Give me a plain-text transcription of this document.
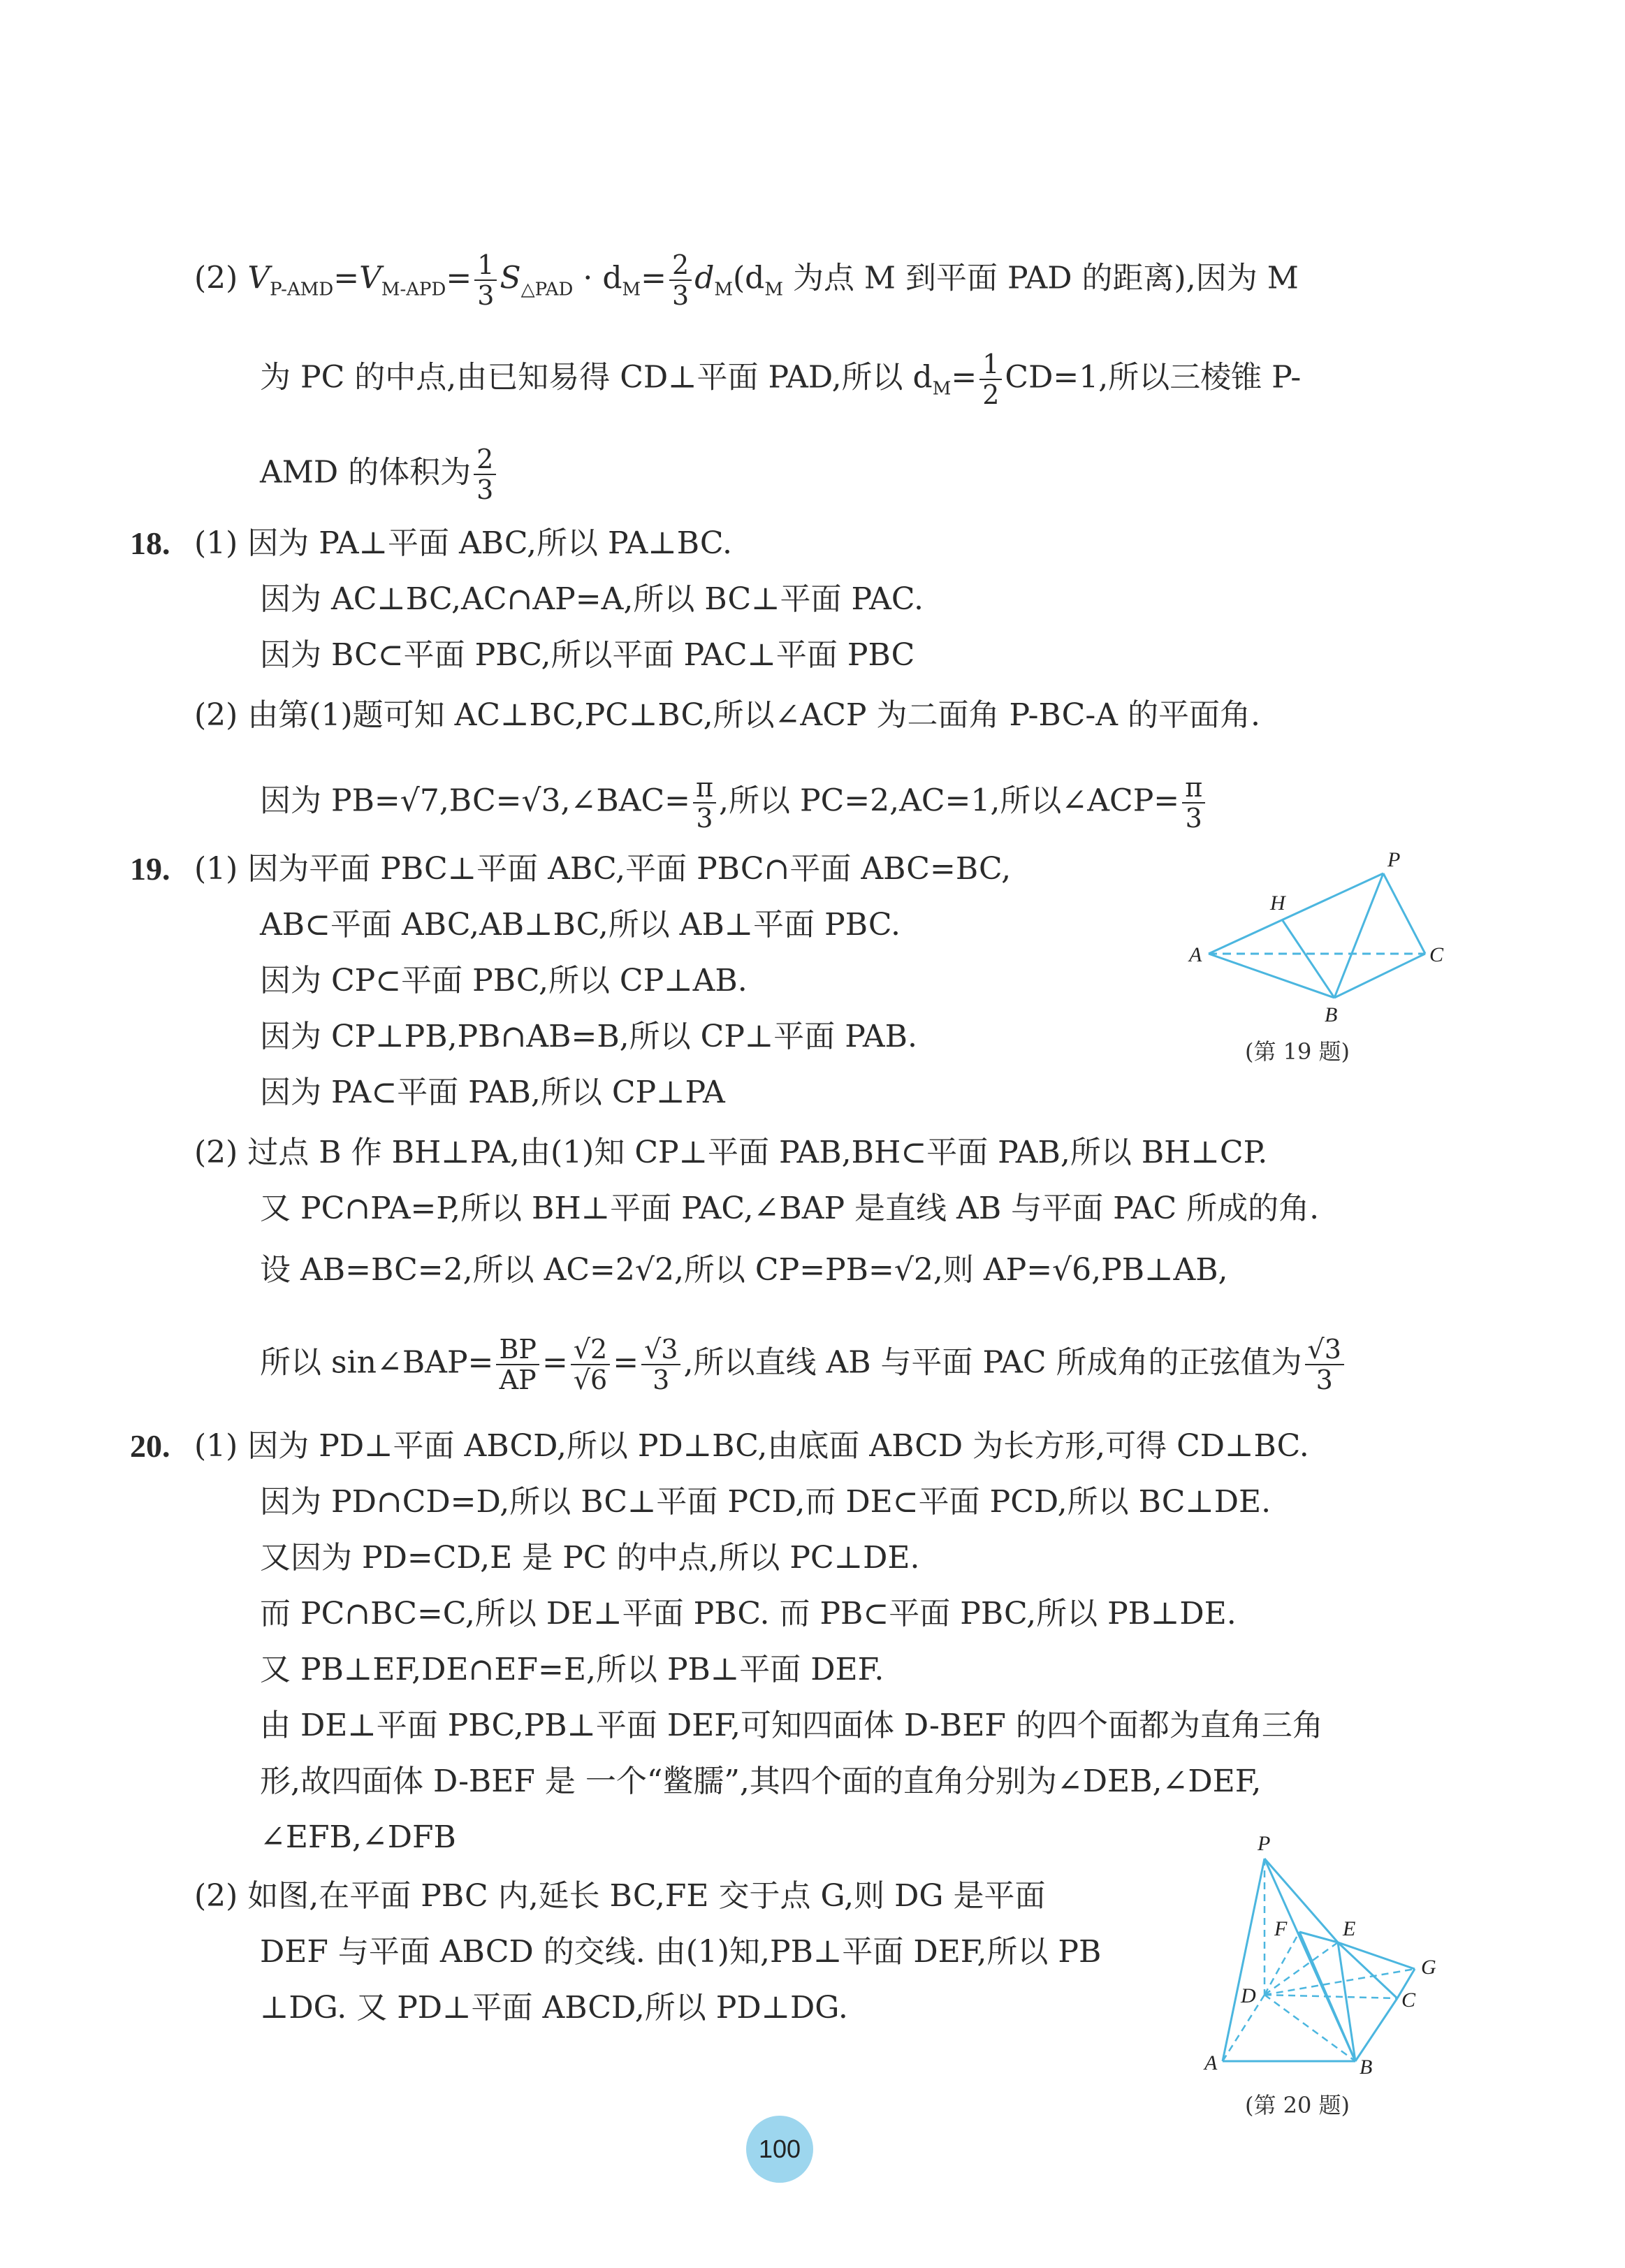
(2) $V_{P-AMD}=V_{M-APD}= \frac{1}{3} S_{\triangle PAD} \cdot d_M= \frac{2}{3} d_M(d_M$ 为点 M 到平面 PAD 的距离),因为 M
为 PC 的中点,由已知易得 CD⊥平面 PAD,所以 $d_M= \frac{1}{2} CD=1$,所以三棱锥 P-
AMD 的体积为 $\frac{2}{3}$
18. (1) 因为 PA⊥平面 ABC,所以 PA⊥BC.
因为 AC⊥BC,AC∩AP=A,所以 BC⊥平面 PAC.
因为 BC⊂平面 PBC,所以平面 PAC⊥平面 PBC
(2) 由第(1)题可知 AC⊥BC,PC⊥BC,所以∠ACP 为二面角 P-BC-A 的平面角.
因为 PB=√7,BC=√3,∠BAC= $\frac{\pi}{3}$ ,所以 PC=2,AC=1,所以∠ACP= $\frac{\pi}{3}$
19. (1) 因为平面 PBC⊥平面 ABC,平面 PBC∩平面 ABC=BC,
AB⊂平面 ABC,AB⊥BC,所以 AB⊥平面 PBC.
因为 CP⊂平面 PBC,所以 CP⊥AB.
因为 CP⊥PB,PB∩AB=B,所以 CP⊥平面 PAB.
因为 PA⊂平面 PAB,所以 CP⊥PA
(2) 过点 B 作 BH⊥PA,由(1)知 CP⊥平面 PAB,BH⊂平面 PAB,所以 BH⊥CP.
又 PC∩PA=P,所以 BH⊥平面 PAC,∠BAP 是直线 AB 与平面 PAC 所成的角.
设 AB=BC=2,所以 AC=2√2,所以 CP=PB=√2,则 AP=√6,PB⊥AB,
所以 sin∠BAP= $\frac{BP}{AP} = \frac{√2}{√6} = \frac{√3}{3}$ ,所以直线 AB 与平面 PAC 所成角的正弦值为 $\frac{√3}{3}$
P
H
A	C
B
(第 19 题)
20. (1) 因为 PD⊥平面 ABCD,所以 PD⊥BC,由底面 ABCD 为长方形,可得 CD⊥BC.
因为 PD∩CD=D,所以 BC⊥平面 PCD,而 DE⊂平面 PCD,所以 BC⊥DE.
又因为 PD=CD,E 是 PC 的中点,所以 PC⊥DE.
而 PC∩BC=C,所以 DE⊥平面 PBC. 而 PB⊂平面 PBC,所以 PB⊥DE.
又 PB⊥EF,DE∩EF=E,所以 PB⊥平面 DEF.
由 DE⊥平面 PBC,PB⊥平面 DEF,可知四面体 D-BEF 的四个面都为直角三角
形,故四面体 D-BEF 是 一个“鳖臑”,其四个面的直角分别为∠DEB,∠DEF,
∠EFB,∠DFB
(2) 如图,在平面 PBC 内,延长 BC,FE 交于点 G,则 DG 是平面
DEF 与平面 ABCD 的交线. 由(1)知,PB⊥平面 DEF,所以 PB
⊥DG. 又 PD⊥平面 ABCD,所以 PD⊥DG.
P
F	E
G
D	C
A	B
(第 20 题)
100
